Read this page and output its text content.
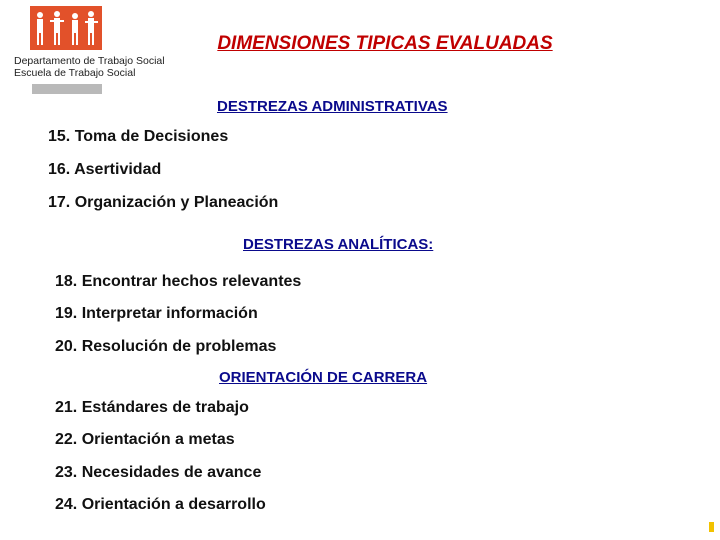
Departamento de Trabajo Social
Escuela de Trabajo Social
DIMENSIONES TIPICAS EVALUADAS
DESTREZAS ADMINISTRATIVAS
15. Toma de Decisiones
16. Asertividad
17. Organización y Planeación
DESTREZAS ANALÍTICAS:
18. Encontrar hechos relevantes
19. Interpretar información
20. Resolución de problemas
ORIENTACIÓN DE CARRERA
21. Estándares de trabajo
22. Orientación a metas
23. Necesidades de avance
24. Orientación a desarrollo
